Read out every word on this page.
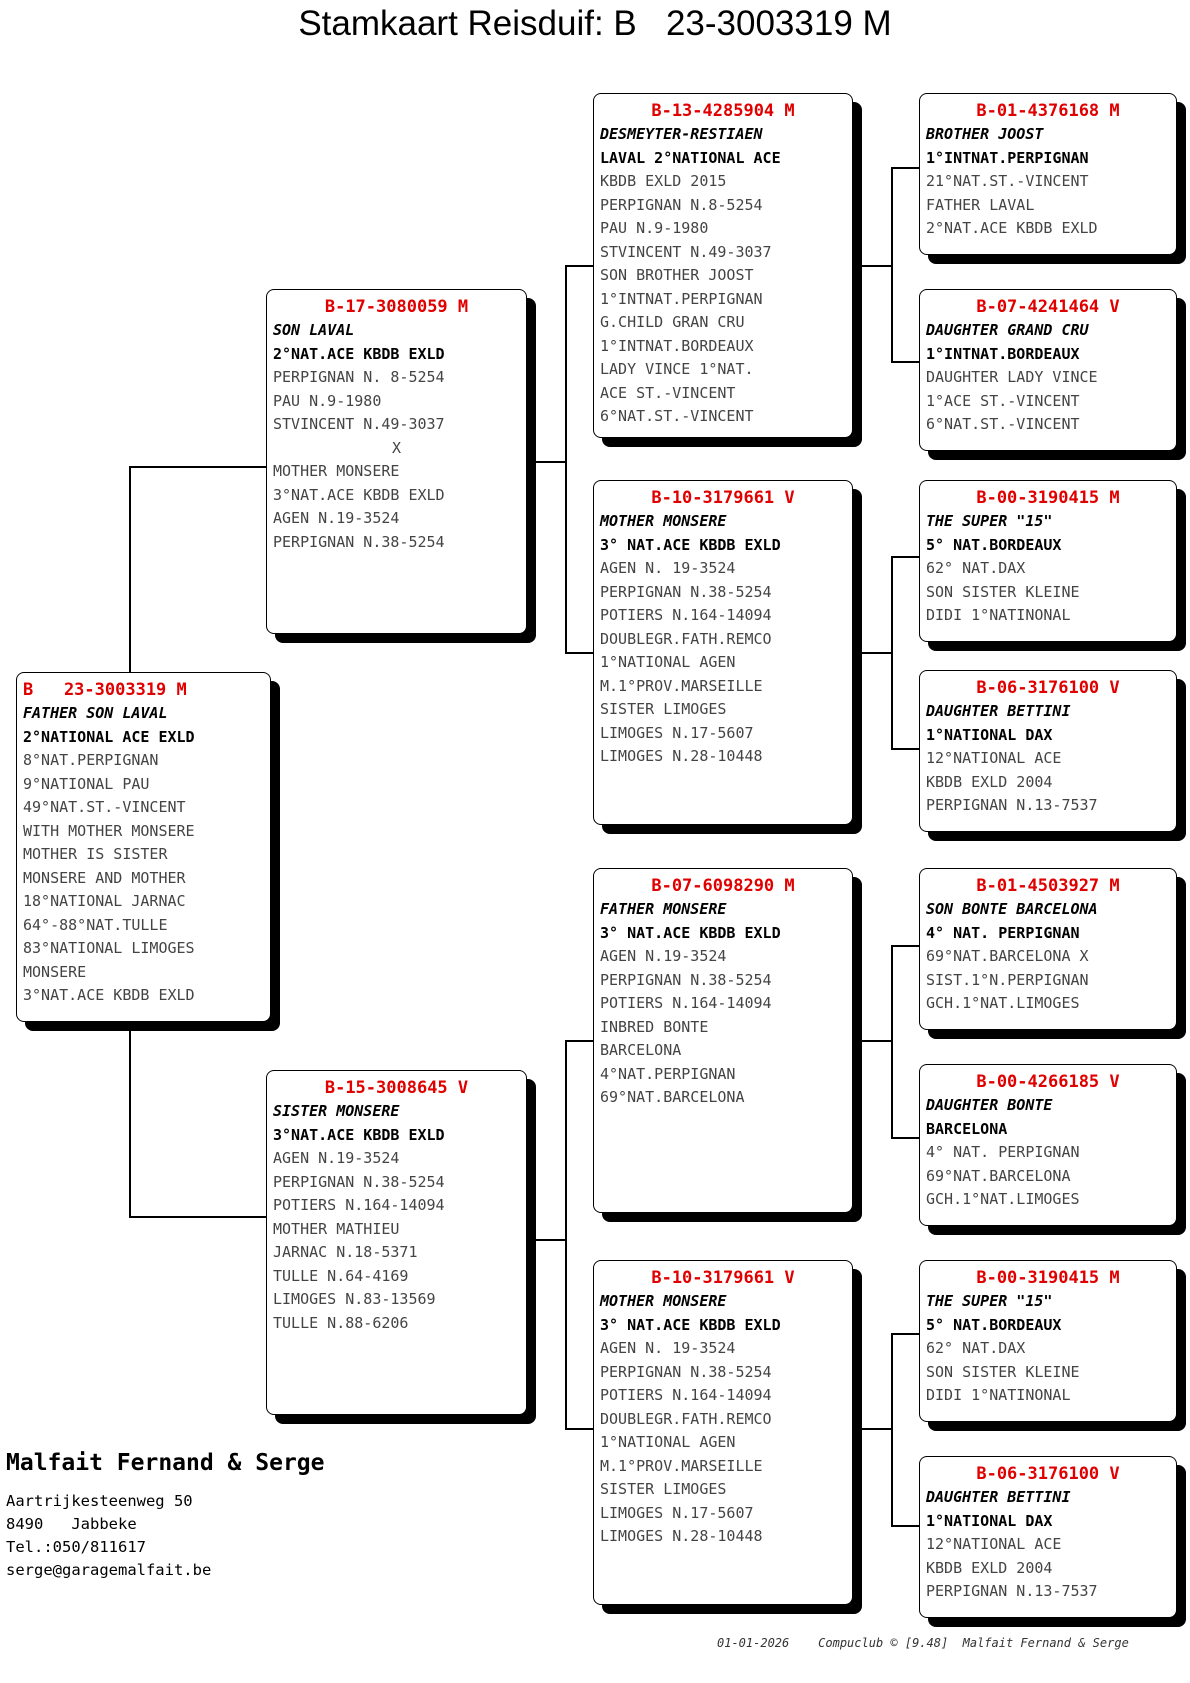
Stamkaart Reisduif: B   23-3003319 M
B   23-3003319 M
FATHER SON LAVAL
2°NATIONAL ACE EXLD
8°NAT.PERPIGNAN
9°NATIONAL PAU
49°NAT.ST.-VINCENT
WITH MOTHER MONSERE
MOTHER IS SISTER
MONSERE AND MOTHER
18°NATIONAL JARNAC
64°-88°NAT.TULLE
83°NATIONAL LIMOGES
MONSERE
3°NAT.ACE KBDB EXLD
B-17-3080059 M
SON LAVAL
2°NAT.ACE KBDB EXLD
PERPIGNAN N. 8-5254
PAU N.9-1980
STVINCENT N.49-3037
X
MOTHER MONSERE
3°NAT.ACE KBDB EXLD
AGEN N.19-3524
PERPIGNAN N.38-5254
B-15-3008645 V
SISTER MONSERE
3°NAT.ACE KBDB EXLD
AGEN N.19-3524
PERPIGNAN N.38-5254
POTIERS N.164-14094
MOTHER MATHIEU
JARNAC N.18-5371
TULLE N.64-4169
LIMOGES N.83-13569
TULLE N.88-6206
B-13-4285904 M
DESMEYTER-RESTIAEN
LAVAL 2°NATIONAL ACE
KBDB EXLD 2015
PERPIGNAN N.8-5254
PAU N.9-1980
STVINCENT N.49-3037
SON BROTHER JOOST
1°INTNAT.PERPIGNAN
G.CHILD GRAN CRU
1°INTNAT.BORDEAUX
LADY VINCE 1°NAT.
ACE ST.-VINCENT
6°NAT.ST.-VINCENT
B-10-3179661 V
MOTHER MONSERE
3° NAT.ACE KBDB EXLD
AGEN N. 19-3524
PERPIGNAN N.38-5254
POTIERS N.164-14094
DOUBLEGR.FATH.REMCO
1°NATIONAL AGEN
M.1°PROV.MARSEILLE
SISTER LIMOGES
LIMOGES N.17-5607
LIMOGES N.28-10448
B-07-6098290 M
FATHER MONSERE
3° NAT.ACE KBDB EXLD
AGEN N.19-3524
PERPIGNAN N.38-5254
POTIERS N.164-14094
INBRED BONTE
BARCELONA
4°NAT.PERPIGNAN
69°NAT.BARCELONA
B-10-3179661 V
MOTHER MONSERE
3° NAT.ACE KBDB EXLD
AGEN N. 19-3524
PERPIGNAN N.38-5254
POTIERS N.164-14094
DOUBLEGR.FATH.REMCO
1°NATIONAL AGEN
M.1°PROV.MARSEILLE
SISTER LIMOGES
LIMOGES N.17-5607
LIMOGES N.28-10448
B-01-4376168 M
BROTHER JOOST
1°INTNAT.PERPIGNAN
21°NAT.ST.-VINCENT
FATHER LAVAL
2°NAT.ACE KBDB EXLD
B-07-4241464 V
DAUGHTER GRAND CRU
1°INTNAT.BORDEAUX
DAUGHTER LADY VINCE
1°ACE ST.-VINCENT
6°NAT.ST.-VINCENT
B-00-3190415 M
THE SUPER "15"
5° NAT.BORDEAUX
62° NAT.DAX
SON SISTER KLEINE
DIDI 1°NATINONAL
B-06-3176100 V
DAUGHTER BETTINI
1°NATIONAL DAX
12°NATIONAL ACE
KBDB EXLD 2004
PERPIGNAN N.13-7537
B-01-4503927 M
SON BONTE BARCELONA
4° NAT. PERPIGNAN
69°NAT.BARCELONA X
SIST.1°N.PERPIGNAN
GCH.1°NAT.LIMOGES
B-00-4266185 V
DAUGHTER BONTE
BARCELONA
4° NAT. PERPIGNAN
69°NAT.BARCELONA
GCH.1°NAT.LIMOGES
B-00-3190415 M
THE SUPER "15"
5° NAT.BORDEAUX
62° NAT.DAX
SON SISTER KLEINE
DIDI 1°NATINONAL
B-06-3176100 V
DAUGHTER BETTINI
1°NATIONAL DAX
12°NATIONAL ACE
KBDB EXLD 2004
PERPIGNAN N.13-7537
Malfait Fernand & Serge
Aartrijkesteenweg 50
8490   Jabbeke
Tel.:050/811617
serge@garagemalfait.be
01-01-2026    Compuclub © [9.48]  Malfait Fernand & Serge
